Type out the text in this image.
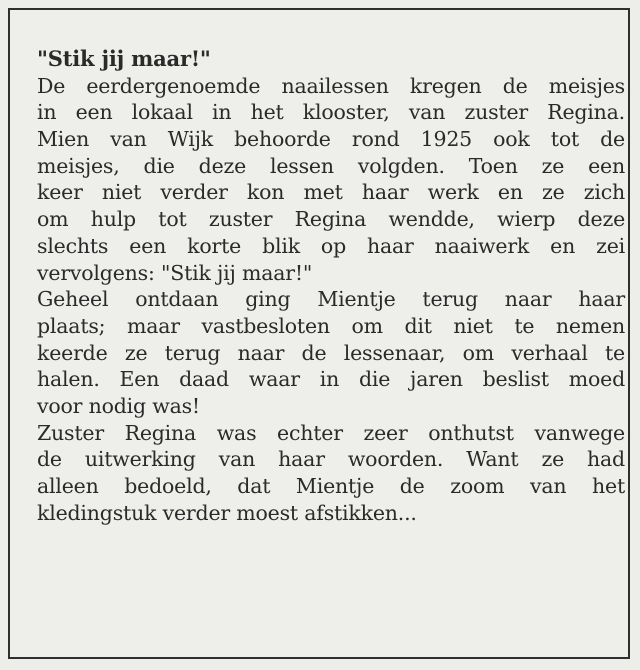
"Stik jij maar!"
De eerdergenoemde naailessen kregen de meisjes
in een lokaal in het klooster, van zuster Regina.
Mien van Wijk behoorde rond 1925 ook tot de
meisjes, die deze lessen volgden. Toen ze een
keer niet verder kon met haar werk en ze zich
om hulp tot zuster Regina wendde, wierp deze
slechts een korte blik op haar naaiwerk en zei
vervolgens: "Stik jij maar!"
Geheel ontdaan ging Mientje terug naar haar
plaats; maar vastbesloten om dit niet te nemen
keerde ze terug naar de lessenaar, om verhaal te
halen. Een daad waar in die jaren beslist moed
voor nodig was!
Zuster Regina was echter zeer onthutst vanwege
de uitwerking van haar woorden. Want ze had
alleen bedoeld, dat Mientje de zoom van het
kledingstuk verder moest afstikken...
